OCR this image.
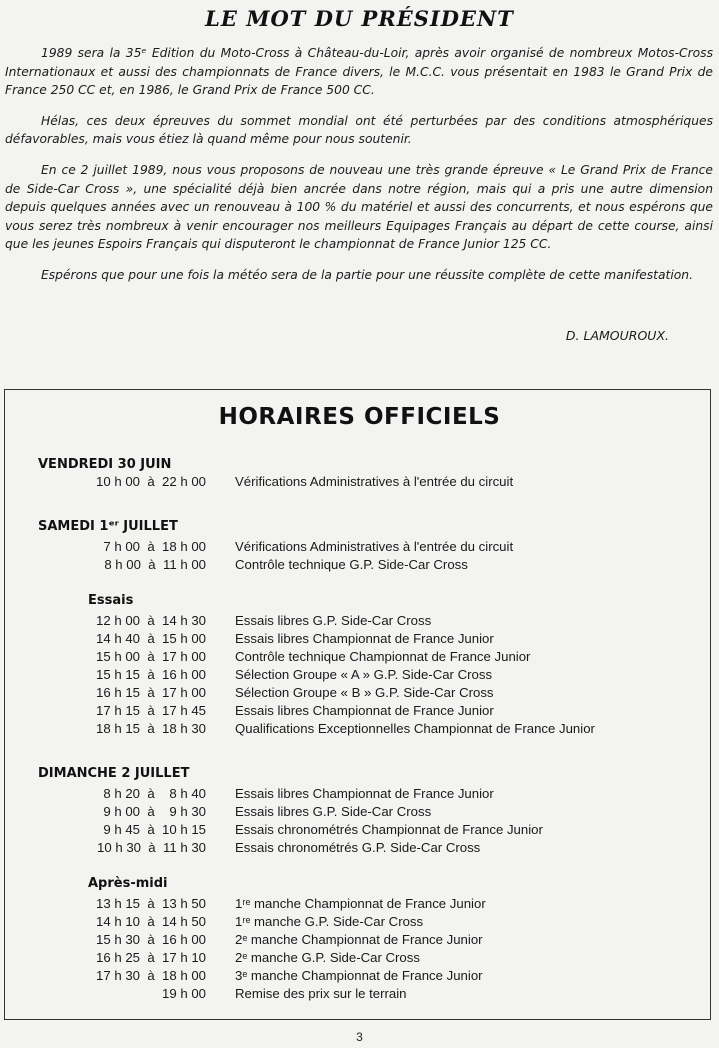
LE MOT DU PRÉSIDENT

1989 sera la 35ᵉ Edition du Moto-Cross à Château-du-Loir, après avoir organisé de nombreux Motos-Cross Internationaux et aussi des championnats de France divers, le M.C.C. vous présentait en 1983 le Grand Prix de France 250 CC et, en 1986, le Grand Prix de France 500 CC.

Hélas, ces deux épreuves du sommet mondial ont été perturbées par des conditions atmosphériques défavorables, mais vous étiez là quand même pour nous soutenir.

En ce 2 juillet 1989, nous vous proposons de nouveau une très grande épreuve « Le Grand Prix de France de Side-Car Cross », une spécialité déjà bien ancrée dans notre région, mais qui a pris une autre dimension depuis quelques années avec un renouveau à 100 % du matériel et aussi des concurrents, et nous espérons que vous serez très nombreux à venir encourager nos meilleurs Equipages Français au départ de cette course, ainsi que les jeunes Espoirs Français qui disputeront le championnat de France Junior 125 CC.

Espérons que pour une fois la météo sera de la partie pour une réussite complète de cette manifestation.

D. LAMOUROUX.
HORAIRES OFFICIELS
VENDREDI 30 JUIN
10 h 00  à  22 h 00 Vérifications Administratives à l'entrée du circuit
SAMEDI 1ᵉʳ JUILLET
7 h 00  à  18 h 00 Vérifications Administratives à l'entrée du circuit
8 h 00  à  11 h 00 Contrôle technique G.P. Side-Car Cross
Essais
12 h 00  à  14 h 30 Essais libres G.P. Side-Car Cross
14 h 40  à  15 h 00 Essais libres Championnat de France Junior
15 h 00  à  17 h 00 Contrôle technique Championnat de France Junior
15 h 15  à  16 h 00 Sélection Groupe « A » G.P. Side-Car Cross
16 h 15  à  17 h 00 Sélection Groupe « B » G.P. Side-Car Cross
17 h 15  à  17 h 45 Essais libres Championnat de France Junior
18 h 15  à  18 h 30 Qualifications Exceptionnelles Championnat de France Junior
DIMANCHE 2 JUILLET
8 h 20  à    8 h 40 Essais libres Championnat de France Junior
9 h 00  à    9 h 30 Essais libres G.P. Side-Car Cross
9 h 45  à  10 h 15 Essais chronométrés Championnat de France Junior
10 h 30  à  11 h 30 Essais chronométrés G.P. Side-Car Cross
Après-midi
13 h 15  à  13 h 50 1ʳᵉ manche Championnat de France Junior
14 h 10  à  14 h 50 1ʳᵉ manche G.P. Side-Car Cross
15 h 30  à  16 h 00 2ᵉ manche Championnat de France Junior
16 h 25  à  17 h 10 2ᵉ manche G.P. Side-Car Cross
17 h 30  à  18 h 00 3ᵉ manche Championnat de France Junior
19 h 00 Remise des prix sur le terrain
3
